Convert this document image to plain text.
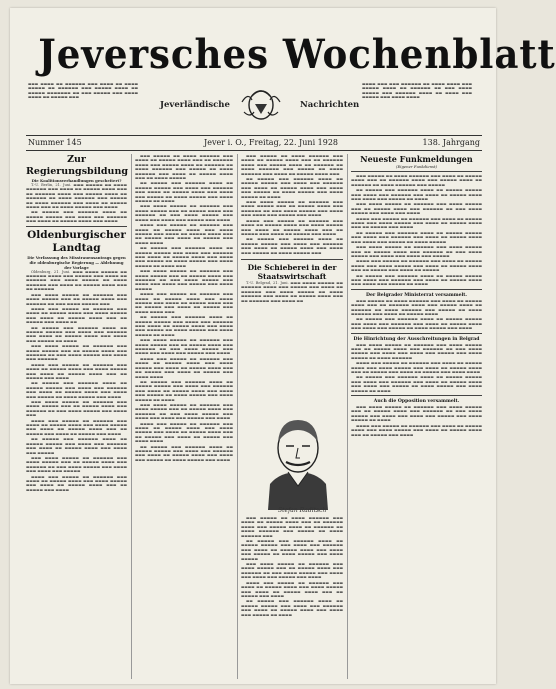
Jeversches Wochenblatt
▬▬▬ ▬▬▬▬ ▬▬ ▬▬▬▬▬▬ ▬▬▬ ▬▬▬▬ ▬▬ ▬▬▬▬ ▬▬▬▬▬ ▬▬ ▬▬▬▬▬▬ ▬▬▬ ▬▬▬▬▬ ▬▬▬▬ ▬▬ ▬▬▬▬▬ ▬▬▬▬▬▬▬ ▬▬ ▬▬▬ ▬▬▬▬▬ ▬▬▬ ▬▬▬▬ ▬▬▬▬ ▬▬ ▬▬▬▬▬ ▬▬▬
▬▬▬▬ ▬▬▬ ▬▬▬ ▬▬▬▬▬▬ ▬▬ ▬▬▬▬ ▬▬▬▬ ▬▬▬ ▬▬▬▬▬ ▬▬▬▬ ▬▬ ▬▬▬▬▬▬ ▬▬ ▬▬▬ ▬▬▬▬ ▬▬▬▬▬ ▬▬▬ ▬▬▬▬▬▬ ▬▬▬▬ ▬▬ ▬▬▬▬ ▬▬▬ ▬▬▬▬▬ ▬▬▬ ▬▬▬▬ ▬▬▬▬
Jeverländische	Nachrichten
Nummer 145	Jever i. O., Freitag, 22. Juni 1928	138. Jahrgang
Zur Regierungsbildung
Die Koalitionsverhandlungen gescheitert?

T.-U. Berlin, 21. Juni. ▬▬▬ ▬▬▬▬▬ ▬▬ ▬▬▬▬ ▬▬▬▬▬▬ ▬▬▬ ▬▬▬▬ ▬▬ ▬▬▬▬▬ ▬▬▬▬ ▬▬▬ ▬▬ ▬▬▬▬▬▬ ▬▬▬▬ ▬▬▬ ▬▬▬▬▬ ▬▬▬▬ ▬▬ ▬▬▬▬▬▬ ▬▬ ▬▬▬▬ ▬▬▬▬▬▬ ▬▬▬ ▬▬▬▬▬ ▬▬ ▬▬▬▬ ▬▬▬▬▬▬ ▬▬▬ ▬▬▬▬ ▬▬ ▬▬▬▬▬ ▬▬▬▬ ▬▬▬ ▬▬ ▬▬▬▬ ▬▬▬▬▬ ▬▬▬ ▬▬▬▬

▬▬ ▬▬▬▬▬ ▬▬▬ ▬▬▬▬▬▬ ▬▬▬▬ ▬▬ ▬▬▬▬▬ ▬▬▬▬▬ ▬▬▬ ▬▬▬▬ ▬▬▬ ▬▬▬▬▬▬ ▬▬▬ ▬▬▬▬ ▬▬ ▬▬▬▬▬ ▬▬▬▬ ▬▬▬ ▬▬▬▬

Oldenburgischer Landtag
Die Verfassung des Misstrauensantrags gegen die oldenburgische Regierung — Ablehnung der Vorlage

Oldenburg, 21. Juni. ▬▬▬ ▬▬▬▬ ▬▬▬▬▬ ▬▬ ▬▬▬▬▬▬ ▬▬▬▬ ▬▬▬ ▬▬▬▬▬ ▬▬▬ ▬▬▬▬ ▬▬ ▬▬▬▬▬▬ ▬▬▬ ▬▬▬▬ ▬▬▬▬▬ ▬▬ ▬▬▬▬ ▬▬▬▬▬▬ ▬▬▬ ▬▬▬▬ ▬▬ ▬▬▬▬▬ ▬▬▬▬ ▬▬▬ ▬▬ ▬▬▬▬▬▬

▬▬▬ ▬▬▬▬ ▬▬▬▬▬ ▬▬ ▬▬▬▬▬▬ ▬▬▬ ▬▬▬▬ ▬▬▬▬▬ ▬▬▬ ▬▬ ▬▬▬▬▬ ▬▬▬▬ ▬▬▬ ▬▬▬▬▬▬ ▬▬ ▬▬▬ ▬▬▬▬ ▬▬▬▬▬ ▬▬▬

▬▬▬▬ ▬▬▬ ▬▬▬▬▬ ▬▬ ▬▬▬▬▬▬ ▬▬▬ ▬▬▬▬ ▬▬ ▬▬▬▬▬ ▬▬▬▬ ▬▬▬ ▬▬▬▬ ▬▬▬▬▬ ▬▬▬ ▬▬▬▬ ▬▬ ▬▬▬▬▬ ▬▬▬▬ ▬▬▬ ▬▬ ▬▬▬▬▬ ▬▬▬ ▬▬▬▬ ▬▬

▬▬ ▬▬▬▬▬ ▬▬▬ ▬▬▬▬▬▬ ▬▬▬▬ ▬▬ ▬▬▬▬▬ ▬▬▬▬▬ ▬▬▬ ▬▬▬▬ ▬▬▬ ▬▬▬▬▬▬ ▬▬▬ ▬▬▬▬ ▬▬ ▬▬▬▬▬ ▬▬▬▬ ▬▬▬ ▬▬▬▬ ▬▬▬ ▬▬▬▬▬ ▬▬ ▬▬▬▬

▬▬▬ ▬▬▬▬ ▬▬▬▬▬ ▬▬ ▬▬▬▬▬▬ ▬▬▬ ▬▬▬▬ ▬▬▬▬▬ ▬▬▬ ▬▬ ▬▬▬▬▬ ▬▬▬▬ ▬▬▬ ▬▬▬▬▬▬ ▬▬ ▬▬▬ ▬▬▬▬ ▬▬▬▬▬ ▬▬▬ ▬▬▬▬ ▬▬▬ ▬▬▬▬▬▬

▬▬▬▬ ▬▬▬ ▬▬▬▬▬ ▬▬ ▬▬▬▬▬▬ ▬▬▬ ▬▬▬▬ ▬▬ ▬▬▬▬▬ ▬▬▬▬ ▬▬▬ ▬▬▬▬ ▬▬▬▬▬ ▬▬▬ ▬▬▬▬ ▬▬ ▬▬▬▬▬ ▬▬▬▬ ▬▬▬ ▬▬ ▬▬▬▬▬ ▬▬▬ ▬▬▬▬

▬▬ ▬▬▬▬▬ ▬▬▬ ▬▬▬▬▬▬ ▬▬▬▬ ▬▬ ▬▬▬▬▬ ▬▬▬▬▬ ▬▬▬ ▬▬▬▬ ▬▬▬ ▬▬▬▬▬▬ ▬▬▬ ▬▬▬▬ ▬▬ ▬▬▬▬▬ ▬▬▬▬ ▬▬▬ ▬▬▬▬ ▬▬▬ ▬▬▬▬▬ ▬▬ ▬▬▬▬ ▬▬▬▬▬ ▬▬▬ ▬▬▬▬

▬▬▬ ▬▬▬▬ ▬▬▬▬▬ ▬▬ ▬▬▬▬▬▬ ▬▬▬ ▬▬▬▬ ▬▬▬▬▬ ▬▬▬ ▬▬ ▬▬▬▬▬ ▬▬▬▬ ▬▬▬ ▬▬▬▬▬▬ ▬▬ ▬▬▬ ▬▬▬▬ ▬▬▬▬▬ ▬▬▬ ▬▬▬▬ ▬▬▬

▬▬▬▬ ▬▬▬ ▬▬▬▬▬ ▬▬ ▬▬▬▬▬▬ ▬▬▬ ▬▬▬▬ ▬▬ ▬▬▬▬▬ ▬▬▬▬ ▬▬▬ ▬▬▬▬ ▬▬▬▬▬ ▬▬▬ ▬▬▬▬ ▬▬ ▬▬▬▬▬ ▬▬▬▬ ▬▬▬ ▬▬ ▬▬▬▬▬ ▬▬▬ ▬▬▬▬ ▬▬ ▬▬▬▬▬ ▬▬▬ ▬▬▬▬

▬▬ ▬▬▬▬▬ ▬▬▬ ▬▬▬▬▬▬ ▬▬▬▬ ▬▬ ▬▬▬▬▬ ▬▬▬▬▬ ▬▬▬ ▬▬▬▬ ▬▬▬ ▬▬▬▬▬▬ ▬▬▬ ▬▬▬▬ ▬▬ ▬▬▬▬▬ ▬▬▬▬ ▬▬▬ ▬▬▬▬ ▬▬▬ ▬▬▬▬▬

▬▬▬ ▬▬▬▬ ▬▬▬▬▬ ▬▬ ▬▬▬▬▬▬ ▬▬▬ ▬▬▬▬ ▬▬▬▬▬ ▬▬▬ ▬▬ ▬▬▬▬▬ ▬▬▬▬ ▬▬▬ ▬▬▬▬▬▬ ▬▬ ▬▬▬ ▬▬▬▬ ▬▬▬▬▬ ▬▬▬ ▬▬▬▬ ▬▬▬ ▬▬▬▬ ▬▬▬ ▬▬▬▬▬

▬▬▬▬ ▬▬▬ ▬▬▬▬▬ ▬▬ ▬▬▬▬▬▬ ▬▬▬ ▬▬▬▬ ▬▬ ▬▬▬▬▬ ▬▬▬▬ ▬▬▬ ▬▬▬▬ ▬▬▬▬▬ ▬▬▬ ▬▬▬▬ ▬▬ ▬▬▬▬▬ ▬▬▬▬ ▬▬▬ ▬▬ ▬▬▬▬▬ ▬▬▬ ▬▬▬▬

▬▬▬ ▬▬▬▬▬ ▬▬ ▬▬▬▬ ▬▬▬▬▬▬ ▬▬▬ ▬▬▬▬ ▬▬ ▬▬▬▬▬ ▬▬▬▬ ▬▬▬ ▬▬ ▬▬▬▬▬▬ ▬▬▬▬ ▬▬▬ ▬▬▬▬▬ ▬▬▬▬ ▬▬ ▬▬▬▬▬▬ ▬▬ ▬▬▬▬ ▬▬▬▬▬▬ ▬▬▬ ▬▬▬▬▬ ▬▬ ▬▬▬▬ ▬▬▬▬▬▬ ▬▬▬ ▬▬▬▬ ▬▬ ▬▬▬▬▬ ▬▬▬▬ ▬▬▬ ▬▬ ▬▬▬▬ ▬▬▬▬▬

▬▬ ▬▬▬▬▬ ▬▬▬ ▬▬▬▬▬▬ ▬▬▬▬ ▬▬ ▬▬▬▬▬ ▬▬▬▬▬ ▬▬▬ ▬▬▬▬ ▬▬▬ ▬▬▬▬▬▬ ▬▬▬ ▬▬▬▬ ▬▬ ▬▬▬▬▬ ▬▬▬▬ ▬▬▬ ▬▬▬▬ ▬▬▬ ▬▬▬▬▬ ▬▬ ▬▬▬▬ ▬▬▬▬▬ ▬▬▬ ▬▬▬▬ ▬▬▬▬▬ ▬▬ ▬▬▬▬

▬▬▬ ▬▬▬▬ ▬▬▬▬▬ ▬▬ ▬▬▬▬▬▬ ▬▬▬ ▬▬▬▬ ▬▬▬▬▬ ▬▬▬ ▬▬ ▬▬▬▬▬ ▬▬▬▬ ▬▬▬ ▬▬▬▬▬▬ ▬▬ ▬▬▬ ▬▬▬▬ ▬▬▬▬▬ ▬▬▬ ▬▬▬▬ ▬▬▬ ▬▬▬▬ ▬▬▬ ▬▬▬▬▬ ▬▬▬ ▬▬▬▬

▬▬▬▬ ▬▬▬ ▬▬▬▬▬ ▬▬ ▬▬▬▬▬▬ ▬▬▬ ▬▬▬▬ ▬▬ ▬▬▬▬▬ ▬▬▬▬ ▬▬▬ ▬▬▬▬ ▬▬▬▬▬ ▬▬▬ ▬▬▬▬ ▬▬ ▬▬▬▬▬ ▬▬▬▬ ▬▬▬ ▬▬ ▬▬▬▬▬ ▬▬▬ ▬▬▬▬ ▬▬ ▬▬▬▬▬ ▬▬▬ ▬▬▬▬ ▬▬▬▬

▬▬ ▬▬▬▬▬ ▬▬▬ ▬▬▬▬▬▬ ▬▬▬▬ ▬▬ ▬▬▬▬▬ ▬▬▬▬▬ ▬▬▬ ▬▬▬▬ ▬▬▬ ▬▬▬▬▬▬ ▬▬▬ ▬▬▬▬ ▬▬ ▬▬▬▬▬ ▬▬▬▬ ▬▬▬ ▬▬▬▬ ▬▬▬ ▬▬▬▬▬ ▬▬ ▬▬▬▬ ▬▬▬▬▬ ▬▬▬ ▬▬▬▬ ▬▬▬▬▬ ▬▬ ▬▬▬▬ ▬▬▬

▬▬▬ ▬▬▬▬ ▬▬▬▬▬ ▬▬ ▬▬▬▬▬▬ ▬▬▬ ▬▬▬▬ ▬▬▬▬▬ ▬▬▬ ▬▬ ▬▬▬▬▬ ▬▬▬▬ ▬▬▬ ▬▬▬▬▬▬ ▬▬ ▬▬▬ ▬▬▬▬ ▬▬▬▬▬ ▬▬▬ ▬▬▬▬ ▬▬▬ ▬▬▬▬ ▬▬▬ ▬▬▬▬▬ ▬▬▬ ▬▬▬▬ ▬▬▬▬▬

▬▬▬▬ ▬▬▬ ▬▬▬▬▬ ▬▬ ▬▬▬▬▬▬ ▬▬▬ ▬▬▬▬ ▬▬ ▬▬▬▬▬ ▬▬▬▬ ▬▬▬ ▬▬▬▬ ▬▬▬▬▬ ▬▬▬ ▬▬▬▬ ▬▬ ▬▬▬▬▬ ▬▬▬▬ ▬▬▬ ▬▬ ▬▬▬▬▬ ▬▬▬ ▬▬▬▬ ▬▬ ▬▬▬▬▬ ▬▬▬ ▬▬▬▬ ▬▬▬▬ ▬▬▬

▬▬ ▬▬▬▬▬ ▬▬▬ ▬▬▬▬▬▬ ▬▬▬▬ ▬▬ ▬▬▬▬▬ ▬▬▬▬▬ ▬▬▬ ▬▬▬▬ ▬▬▬ ▬▬▬▬▬▬ ▬▬▬ ▬▬▬▬ ▬▬ ▬▬▬▬▬ ▬▬▬▬ ▬▬▬ ▬▬▬▬ ▬▬▬ ▬▬▬▬▬ ▬▬ ▬▬▬▬ ▬▬▬▬▬ ▬▬▬ ▬▬▬▬ ▬▬▬▬▬ ▬▬ ▬▬▬▬

▬▬▬ ▬▬▬▬ ▬▬▬▬▬ ▬▬ ▬▬▬▬▬▬ ▬▬▬ ▬▬▬▬ ▬▬▬▬▬ ▬▬▬ ▬▬ ▬▬▬▬▬ ▬▬▬▬ ▬▬▬ ▬▬▬▬▬▬ ▬▬ ▬▬▬ ▬▬▬▬ ▬▬▬▬▬ ▬▬▬ ▬▬▬▬ ▬▬▬ ▬▬▬▬ ▬▬▬ ▬▬▬▬▬ ▬▬▬ ▬▬▬▬

▬▬▬▬ ▬▬▬ ▬▬▬▬▬ ▬▬ ▬▬▬▬▬▬ ▬▬▬ ▬▬▬▬ ▬▬ ▬▬▬▬▬ ▬▬▬▬ ▬▬▬ ▬▬▬▬ ▬▬▬▬▬ ▬▬▬ ▬▬▬▬ ▬▬ ▬▬▬▬▬ ▬▬▬▬ ▬▬▬ ▬▬ ▬▬▬▬▬ ▬▬▬ ▬▬▬▬ ▬▬ ▬▬▬▬▬ ▬▬▬ ▬▬▬▬ ▬▬▬▬

▬▬ ▬▬▬▬▬ ▬▬▬ ▬▬▬▬▬▬ ▬▬▬▬ ▬▬ ▬▬▬▬▬ ▬▬▬▬▬ ▬▬▬ ▬▬▬▬ ▬▬▬ ▬▬▬▬▬▬ ▬▬▬ ▬▬▬▬ ▬▬ ▬▬▬▬▬ ▬▬▬▬ ▬▬▬ ▬▬▬▬ ▬▬▬ ▬▬▬▬▬ ▬▬ ▬▬▬▬ ▬▬▬▬▬ ▬▬▬ ▬▬▬▬ ▬▬▬▬▬ ▬▬ ▬▬▬▬

▬▬▬ ▬▬▬▬ ▬▬▬▬▬ ▬▬ ▬▬▬▬▬▬ ▬▬▬ ▬▬▬▬ ▬▬▬▬▬ ▬▬▬ ▬▬ ▬▬▬▬▬ ▬▬▬▬ ▬▬▬ ▬▬▬▬▬▬ ▬▬ ▬▬▬ ▬▬▬▬ ▬▬▬▬▬ ▬▬▬ ▬▬▬▬ ▬▬▬ ▬▬▬▬ ▬▬▬ ▬▬▬▬▬ ▬▬▬ ▬▬▬▬

▬▬▬▬ ▬▬▬ ▬▬▬▬▬ ▬▬ ▬▬▬▬▬▬ ▬▬▬ ▬▬▬▬ ▬▬ ▬▬▬▬▬ ▬▬▬▬ ▬▬▬ ▬▬▬▬ ▬▬▬▬▬ ▬▬▬ ▬▬▬▬ ▬▬ ▬▬▬▬▬ ▬▬▬▬ ▬▬▬ ▬▬ ▬▬▬▬▬ ▬▬▬ ▬▬▬▬ ▬▬ ▬▬▬▬▬ ▬▬▬ ▬▬▬▬ ▬▬▬▬

▬▬ ▬▬▬▬▬ ▬▬▬ ▬▬▬▬▬▬ ▬▬▬▬ ▬▬ ▬▬▬▬▬ ▬▬▬▬▬ ▬▬▬ ▬▬▬▬ ▬▬▬ ▬▬▬▬▬▬ ▬▬▬ ▬▬▬▬ ▬▬ ▬▬▬▬▬ ▬▬▬▬ ▬▬▬ ▬▬▬▬ ▬▬▬ ▬▬▬▬▬ ▬▬ ▬▬▬▬ ▬▬▬▬▬ ▬▬▬ ▬▬▬▬

▬▬▬ ▬▬▬▬▬ ▬▬ ▬▬▬▬ ▬▬▬▬▬▬ ▬▬▬ ▬▬▬▬ ▬▬ ▬▬▬▬▬ ▬▬▬▬ ▬▬▬ ▬▬ ▬▬▬▬▬▬ ▬▬▬▬ ▬▬▬ ▬▬▬▬▬ ▬▬▬▬ ▬▬ ▬▬▬▬▬▬ ▬▬ ▬▬▬▬ ▬▬▬▬▬▬ ▬▬▬ ▬▬▬▬▬ ▬▬ ▬▬▬▬ ▬▬▬▬▬▬ ▬▬▬ ▬▬▬▬ ▬▬ ▬▬▬▬▬ ▬▬▬▬ ▬▬▬

▬▬ ▬▬▬▬▬ ▬▬▬ ▬▬▬▬▬▬ ▬▬▬▬ ▬▬ ▬▬▬▬▬ ▬▬▬▬▬ ▬▬▬ ▬▬▬▬ ▬▬▬ ▬▬▬▬▬▬ ▬▬▬ ▬▬▬▬ ▬▬ ▬▬▬▬▬ ▬▬▬▬ ▬▬▬ ▬▬▬▬ ▬▬▬ ▬▬▬▬▬ ▬▬ ▬▬▬▬ ▬▬▬▬▬ ▬▬▬ ▬▬▬▬ ▬▬▬▬▬ ▬▬ ▬▬▬▬

▬▬▬ ▬▬▬▬ ▬▬▬▬▬ ▬▬ ▬▬▬▬▬▬ ▬▬▬ ▬▬▬▬ ▬▬▬▬▬ ▬▬▬ ▬▬ ▬▬▬▬▬ ▬▬▬▬ ▬▬▬ ▬▬▬▬▬▬ ▬▬ ▬▬▬ ▬▬▬▬ ▬▬▬▬▬ ▬▬▬ ▬▬▬▬ ▬▬▬ ▬▬▬▬ ▬▬▬ ▬▬▬▬▬ ▬▬▬ ▬▬▬▬

▬▬▬▬ ▬▬▬ ▬▬▬▬▬ ▬▬ ▬▬▬▬▬▬ ▬▬▬ ▬▬▬▬ ▬▬ ▬▬▬▬▬ ▬▬▬▬ ▬▬▬ ▬▬▬▬ ▬▬▬▬▬ ▬▬▬ ▬▬▬▬ ▬▬ ▬▬▬▬▬ ▬▬▬▬ ▬▬▬ ▬▬ ▬▬▬▬▬ ▬▬▬ ▬▬▬▬ ▬▬ ▬▬▬▬▬ ▬▬▬ ▬▬▬▬

▬▬ ▬▬▬▬▬ ▬▬▬ ▬▬▬▬▬▬ ▬▬▬▬ ▬▬ ▬▬▬▬▬ ▬▬▬▬▬ ▬▬▬ ▬▬▬▬ ▬▬▬ ▬▬▬▬▬▬ ▬▬▬ ▬▬▬▬ ▬▬ ▬▬▬▬▬ ▬▬▬▬ ▬▬▬ ▬▬▬▬ ▬▬▬ ▬▬▬▬▬ ▬▬ ▬▬▬▬ ▬▬▬▬▬ ▬▬▬

Die Schieberei in der Staatswirtschaft

T.-U. Belgrad, 21. Juni. ▬▬▬ ▬▬▬▬ ▬▬▬▬▬ ▬▬ ▬▬▬▬▬▬ ▬▬▬▬ ▬▬▬ ▬▬▬▬▬ ▬▬▬ ▬▬▬▬ ▬▬ ▬▬▬▬▬▬ ▬▬▬ ▬▬▬▬ ▬▬▬▬▬ ▬▬ ▬▬▬▬ ▬▬▬▬▬▬ ▬▬▬ ▬▬▬▬ ▬▬ ▬▬▬▬▬ ▬▬▬▬ ▬▬▬ ▬▬ ▬▬▬▬▬▬ ▬▬▬ ▬▬▬▬ ▬▬

Stefan Raditsch

▬▬▬ ▬▬▬▬▬ ▬▬ ▬▬▬▬ ▬▬▬▬▬▬ ▬▬▬ ▬▬▬▬ ▬▬ ▬▬▬▬▬ ▬▬▬▬ ▬▬▬ ▬▬ ▬▬▬▬▬▬ ▬▬▬▬ ▬▬▬ ▬▬▬▬▬ ▬▬▬▬ ▬▬ ▬▬▬▬▬▬ ▬▬ ▬▬▬▬ ▬▬▬▬▬▬ ▬▬▬ ▬▬▬▬▬ ▬▬ ▬▬▬▬ ▬▬▬▬▬▬ ▬▬▬

▬▬ ▬▬▬▬▬ ▬▬▬ ▬▬▬▬▬▬ ▬▬▬▬ ▬▬ ▬▬▬▬▬ ▬▬▬▬▬ ▬▬▬ ▬▬▬▬ ▬▬▬ ▬▬▬▬▬▬ ▬▬▬ ▬▬▬▬ ▬▬ ▬▬▬▬▬ ▬▬▬▬ ▬▬▬ ▬▬▬▬ ▬▬▬ ▬▬▬▬▬ ▬▬ ▬▬▬▬ ▬▬▬▬▬ ▬▬▬ ▬▬▬▬ ▬▬▬▬▬

▬▬▬ ▬▬▬▬ ▬▬▬▬▬ ▬▬ ▬▬▬▬▬▬ ▬▬▬ ▬▬▬▬ ▬▬▬▬▬ ▬▬▬ ▬▬ ▬▬▬▬▬ ▬▬▬▬ ▬▬▬ ▬▬▬▬▬▬ ▬▬ ▬▬▬ ▬▬▬▬ ▬▬▬▬▬ ▬▬▬ ▬▬▬▬ ▬▬▬ ▬▬▬▬ ▬▬▬ ▬▬▬▬▬ ▬▬▬ ▬▬▬▬

▬▬▬▬ ▬▬▬ ▬▬▬▬▬ ▬▬ ▬▬▬▬▬▬ ▬▬▬ ▬▬▬▬ ▬▬ ▬▬▬▬▬ ▬▬▬▬ ▬▬▬ ▬▬▬▬ ▬▬▬▬▬ ▬▬▬ ▬▬▬▬ ▬▬ ▬▬▬▬▬ ▬▬▬▬ ▬▬▬ ▬▬ ▬▬▬▬▬ ▬▬▬ ▬▬▬▬

▬▬ ▬▬▬▬▬ ▬▬▬ ▬▬▬▬▬▬ ▬▬▬▬ ▬▬ ▬▬▬▬▬ ▬▬▬▬▬ ▬▬▬ ▬▬▬▬ ▬▬▬ ▬▬▬▬▬▬ ▬▬▬ ▬▬▬▬ ▬▬ ▬▬▬▬▬ ▬▬▬▬ ▬▬▬ ▬▬▬▬ ▬▬▬ ▬▬▬▬▬ ▬▬ ▬▬▬▬

Neueste Funkmeldungen
(Eigener Funkdienst)

▬▬▬ ▬▬▬▬▬ ▬▬ ▬▬▬▬ ▬▬▬▬▬▬ ▬▬▬ ▬▬▬▬ ▬▬ ▬▬▬▬▬ ▬▬▬▬ ▬▬▬ ▬▬ ▬▬▬▬▬▬ ▬▬▬▬ ▬▬▬ ▬▬▬▬▬ ▬▬▬▬ ▬▬ ▬▬▬▬▬▬ ▬▬ ▬▬▬▬ ▬▬▬▬▬▬ ▬▬▬ ▬▬▬▬▬

▬▬ ▬▬▬▬▬ ▬▬▬ ▬▬▬▬▬▬ ▬▬▬▬ ▬▬ ▬▬▬▬▬ ▬▬▬▬▬ ▬▬▬ ▬▬▬▬ ▬▬▬ ▬▬▬▬▬▬ ▬▬▬ ▬▬▬▬ ▬▬ ▬▬▬▬▬ ▬▬▬▬ ▬▬▬ ▬▬▬▬ ▬▬▬ ▬▬▬▬▬ ▬▬ ▬▬▬▬

▬▬▬ ▬▬▬▬ ▬▬▬▬▬ ▬▬ ▬▬▬▬▬▬ ▬▬▬ ▬▬▬▬ ▬▬▬▬▬ ▬▬▬ ▬▬ ▬▬▬▬▬ ▬▬▬▬ ▬▬▬ ▬▬▬▬▬▬ ▬▬ ▬▬▬ ▬▬▬▬ ▬▬▬▬▬ ▬▬▬ ▬▬▬▬ ▬▬▬ ▬▬▬▬

▬▬▬▬ ▬▬▬ ▬▬▬▬▬ ▬▬ ▬▬▬▬▬▬ ▬▬▬ ▬▬▬▬ ▬▬ ▬▬▬▬▬ ▬▬▬▬ ▬▬▬ ▬▬▬▬ ▬▬▬▬▬ ▬▬▬ ▬▬▬▬ ▬▬ ▬▬▬▬▬ ▬▬▬▬ ▬▬▬ ▬▬ ▬▬▬▬▬ ▬▬▬ ▬▬▬▬

▬▬ ▬▬▬▬▬ ▬▬▬ ▬▬▬▬▬▬ ▬▬▬▬ ▬▬ ▬▬▬▬▬ ▬▬▬▬▬ ▬▬▬ ▬▬▬▬ ▬▬▬ ▬▬▬▬▬▬ ▬▬▬ ▬▬▬▬ ▬▬ ▬▬▬▬▬ ▬▬▬▬ ▬▬▬ ▬▬▬▬ ▬▬▬ ▬▬▬▬▬ ▬▬ ▬▬▬▬ ▬▬▬▬▬

▬▬▬ ▬▬▬▬ ▬▬▬▬▬ ▬▬ ▬▬▬▬▬▬ ▬▬▬ ▬▬▬▬ ▬▬▬▬▬ ▬▬▬ ▬▬ ▬▬▬▬▬ ▬▬▬▬ ▬▬▬ ▬▬▬▬▬▬ ▬▬ ▬▬▬ ▬▬▬▬ ▬▬▬▬▬ ▬▬▬ ▬▬▬▬ ▬▬▬ ▬▬▬▬ ▬▬▬ ▬▬▬▬▬

▬▬▬▬ ▬▬▬ ▬▬▬▬▬ ▬▬ ▬▬▬▬▬▬ ▬▬▬ ▬▬▬▬ ▬▬ ▬▬▬▬▬ ▬▬▬▬ ▬▬▬ ▬▬▬▬ ▬▬▬▬▬ ▬▬▬ ▬▬▬▬ ▬▬ ▬▬▬▬▬ ▬▬▬▬ ▬▬▬ ▬▬ ▬▬▬▬▬ ▬▬▬ ▬▬▬▬ ▬▬ ▬▬▬▬▬

▬▬ ▬▬▬▬▬ ▬▬▬ ▬▬▬▬▬▬ ▬▬▬▬ ▬▬ ▬▬▬▬▬ ▬▬▬▬▬ ▬▬▬ ▬▬▬▬ ▬▬▬ ▬▬▬▬▬▬ ▬▬▬ ▬▬▬▬ ▬▬ ▬▬▬▬▬ ▬▬▬▬ ▬▬▬ ▬▬▬▬ ▬▬▬ ▬▬▬▬▬ ▬▬ ▬▬▬▬

Der Belgrader Ministerrat versammelt.

▬▬▬ ▬▬▬▬▬ ▬▬ ▬▬▬▬ ▬▬▬▬▬▬ ▬▬▬ ▬▬▬▬ ▬▬ ▬▬▬▬▬ ▬▬▬▬ ▬▬▬ ▬▬ ▬▬▬▬▬▬ ▬▬▬▬ ▬▬▬ ▬▬▬▬▬ ▬▬▬▬ ▬▬ ▬▬▬▬▬▬ ▬▬ ▬▬▬▬ ▬▬▬▬▬▬ ▬▬▬ ▬▬▬▬▬ ▬▬ ▬▬▬▬ ▬▬▬▬▬▬ ▬▬▬ ▬▬▬▬ ▬▬ ▬▬▬▬▬ ▬▬▬▬

▬▬ ▬▬▬▬▬ ▬▬▬ ▬▬▬▬▬▬ ▬▬▬▬ ▬▬ ▬▬▬▬▬ ▬▬▬▬▬ ▬▬▬ ▬▬▬▬ ▬▬▬ ▬▬▬▬▬▬ ▬▬▬ ▬▬▬▬ ▬▬ ▬▬▬▬▬ ▬▬▬▬ ▬▬▬ ▬▬▬▬ ▬▬▬ ▬▬▬▬▬ ▬▬ ▬▬▬▬ ▬▬▬▬▬ ▬▬▬ ▬▬▬▬

Die Hinrichtung der Ausschreitungen in Belgrad

▬▬▬ ▬▬▬▬ ▬▬▬▬▬ ▬▬ ▬▬▬▬▬▬ ▬▬▬ ▬▬▬▬ ▬▬▬▬▬ ▬▬▬ ▬▬ ▬▬▬▬▬ ▬▬▬▬ ▬▬▬ ▬▬▬▬▬▬ ▬▬ ▬▬▬ ▬▬▬▬ ▬▬▬▬▬ ▬▬▬ ▬▬▬▬ ▬▬▬ ▬▬▬▬ ▬▬▬ ▬▬▬▬▬ ▬▬▬ ▬▬▬▬ ▬▬▬▬▬ ▬▬ ▬▬▬▬ ▬▬▬▬▬▬

▬▬▬▬ ▬▬▬ ▬▬▬▬▬ ▬▬ ▬▬▬▬▬▬ ▬▬▬ ▬▬▬▬ ▬▬ ▬▬▬▬▬ ▬▬▬▬ ▬▬▬ ▬▬▬▬ ▬▬▬▬▬ ▬▬▬ ▬▬▬▬ ▬▬ ▬▬▬▬▬ ▬▬▬▬ ▬▬▬ ▬▬ ▬▬▬▬▬ ▬▬▬ ▬▬▬▬ ▬▬ ▬▬▬▬▬ ▬▬▬ ▬▬▬▬ ▬▬▬▬

▬▬ ▬▬▬▬▬ ▬▬▬ ▬▬▬▬▬▬ ▬▬▬▬ ▬▬ ▬▬▬▬▬ ▬▬▬▬▬ ▬▬▬ ▬▬▬▬ ▬▬▬ ▬▬▬▬▬▬ ▬▬▬ ▬▬▬▬ ▬▬ ▬▬▬▬▬ ▬▬▬▬ ▬▬▬ ▬▬▬▬ ▬▬▬ ▬▬▬▬▬ ▬▬ ▬▬▬▬ ▬▬▬▬▬ ▬▬▬ ▬▬▬▬ ▬▬▬▬▬ ▬▬ ▬▬▬▬

Auch die Opposition versammelt.

▬▬▬ ▬▬▬▬ ▬▬▬▬▬ ▬▬ ▬▬▬▬▬▬ ▬▬▬ ▬▬▬▬ ▬▬▬▬▬ ▬▬▬ ▬▬ ▬▬▬▬▬ ▬▬▬▬ ▬▬▬ ▬▬▬▬▬▬ ▬▬ ▬▬▬ ▬▬▬▬ ▬▬▬▬▬ ▬▬▬ ▬▬▬▬ ▬▬▬ ▬▬▬▬ ▬▬▬ ▬▬▬▬▬ ▬▬▬ ▬▬▬▬ ▬▬▬▬▬ ▬▬ ▬▬▬▬

▬▬▬▬ ▬▬▬ ▬▬▬▬▬ ▬▬ ▬▬▬▬▬▬ ▬▬▬ ▬▬▬▬ ▬▬ ▬▬▬▬▬ ▬▬▬▬ ▬▬▬ ▬▬▬▬ ▬▬▬▬▬ ▬▬▬ ▬▬▬▬ ▬▬ ▬▬▬▬▬ ▬▬▬▬ ▬▬▬ ▬▬ ▬▬▬▬▬ ▬▬▬ ▬▬▬▬
